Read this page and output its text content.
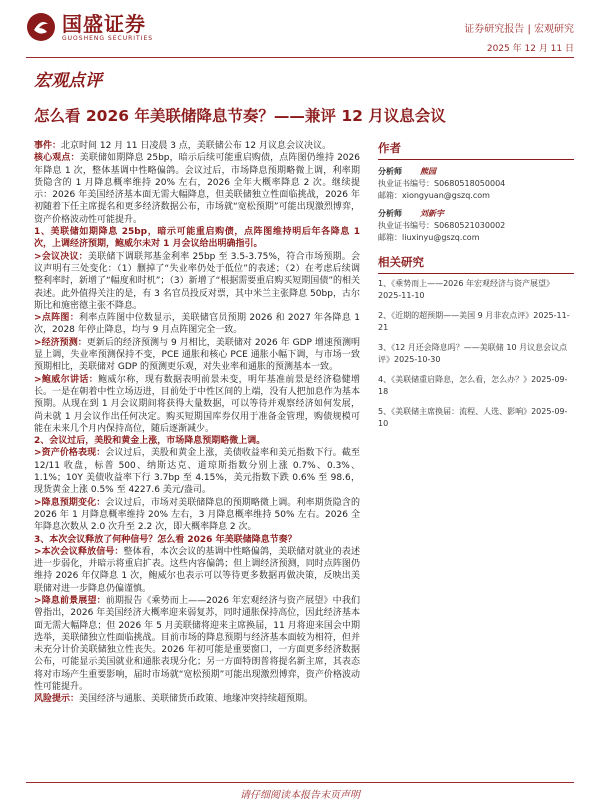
国盛证券
GUOSHENG SECURITIES
证券研究报告 | 宏观研究
2025 年 12 月 11 日
宏观点评
怎么看 2026 年美联储降息节奏？——兼评 12 月议息会议

事件：北京时间 12 月 11 日凌晨 3 点，美联储公布 12 月议息会议决议。

核心观点：美联储如期降息 25bp，暗示后续可能重启购债，点阵图仍维持 2026 年降息 1 次，整体基调中性略偏鸽。会议过后，市场降息预期略微上调，利率期货隐含的 1 月降息概率维持 20% 左右，2026 全年大概率降息 2 次。继续提示：2026 年美国经济基本面无需大幅降息，但美联储独立性面临挑战，2026 年初随着下任主席提名和更多经济数据公布，市场就“宽松预期”可能出现激烈博弈，资产价格波动性可能提升。

1、美联储如期降息 25bp，暗示可能重启购债，点阵图维持明后年各降息 1 次，上调经济预期，鲍威尔未对 1 月会议给出明确指引。

>会议决议：美联储下调联邦基金利率 25bp 至 3.5-3.75%，符合市场预期。会议声明有三处变化：（1）删掉了“失业率仍处于低位”的表述；（2）在考虑后续调整利率时，新增了“幅度和时机”；（3）新增了“根据需要重启购买短期国债”的相关表述。此外值得关注的是，有 3 名官员投反对票，其中米兰主张降息 50bp，古尔斯比和施密德主张不降息。

>点阵图：利率点阵图中位数显示，美联储官员预期 2026 和 2027 年各降息 1 次，2028 年停止降息，均与 9 月点阵图完全一致。

>经济预测：更新后的经济预测与 9 月相比，美联储对 2026 年 GDP 增速预测明显上调，失业率预测保持不变，PCE 通胀和核心 PCE 通胀小幅下调，与市场一致预期相比，美联储对 GDP 的预测更乐观，对失业率和通胀的预测基本一致。

>鲍威尔讲话：鲍威尔称，现有数据表明前景未变，明年基准前景是经济稳健增长。一是在朝着中性立场迈进，目前处于中性区间的上端，没有人把加息作为基本预期。从现在到 1 月会议期间将获得大量数据，可以等待并观察经济如何发展，尚未就 1 月会议作出任何决定。购买短期国库券仅用于准备金管理，购债规模可能在未来几个月内保持高位，随后逐渐减少。

2、会议过后，美股和黄金上涨，市场降息预期略微上调。

>资产价格表现：会议过后，美股和黄金上涨，美债收益率和美元指数下行。截至 12/11 收盘，标普 500、纳斯达克、道琼斯指数分别上涨 0.7%、0.3%、1.1%；10Y 美债收益率下行 3.7bp 至 4.15%，美元指数下跌 0.6% 至 98.6，现货黄金上涨 0.5% 至 4227.6 美元/盎司。

>降息预期变化：会议过后，市场对美联储降息的预期略微上调。利率期货隐含的 2026 年 1 月降息概率维持 20% 左右，3 月降息概率维持 50% 左右。2026 全年降息次数从 2.0 次升至 2.2 次，即大概率降息 2 次。

3、本次会议释放了何种信号？怎么看 2026 年美联储降息节奏？

>本次会议释放信号：整体看，本次会议的基调中性略偏鸽，美联储对就业的表述进一步弱化，并暗示将重启扩表。这些内容偏鸽；但上调经济预测，同时点阵图仍维持 2026 年仅降息 1 次，鲍威尔也表示可以等待更多数据再做决策，反映出美联储对进一步降息仍偏谨慎。

>降息前景展望：前期报告《乘势而上——2026 年宏观经济与资产展望》中我们曾指出，2026 年美国经济大概率迎来弱复苏，同时通胀保持高位，因此经济基本面无需大幅降息；但 2026 年 5 月美联储将迎来主席换届，11 月将迎来国会中期选举，美联储独立性面临挑战。目前市场的降息预期与经济基本面较为相符，但并未充分计价美联储独立性丧失。2026 年初可能是重要窗口，一方面更多经济数据公布，可能显示美国就业和通胀表现分化；另一方面特朗普将提名新主席，其表态将对市场产生重要影响，届时市场就“宽松预期”可能出现激烈博弈，资产价格波动性可能提升。

风险提示：美国经济与通胀、美联储货币政策、地缘冲突持续超预期。

作者
分析师	熊园
执业证书编号：S0680518050004
邮箱：xiongyuan@gszq.com
分析师	刘新宇
执业证书编号：S0680521030002
邮箱：liuxinyu@gszq.com
相关研究
1、《乘势而上——2026 年宏观经济与资产展望》2025-11-10
2、《近期的超预期——美国 9 月非农点评》2025-11-21
3、《12 月还会降息吗？——美联储 10 月议息会议点评》2025-10-30
4、《美联储重启降息，怎么看，怎么办？》2025-09-18
5、《美联储主席换届：流程、人选、影响》2025-09-10
请仔细阅读本报告末页声明
